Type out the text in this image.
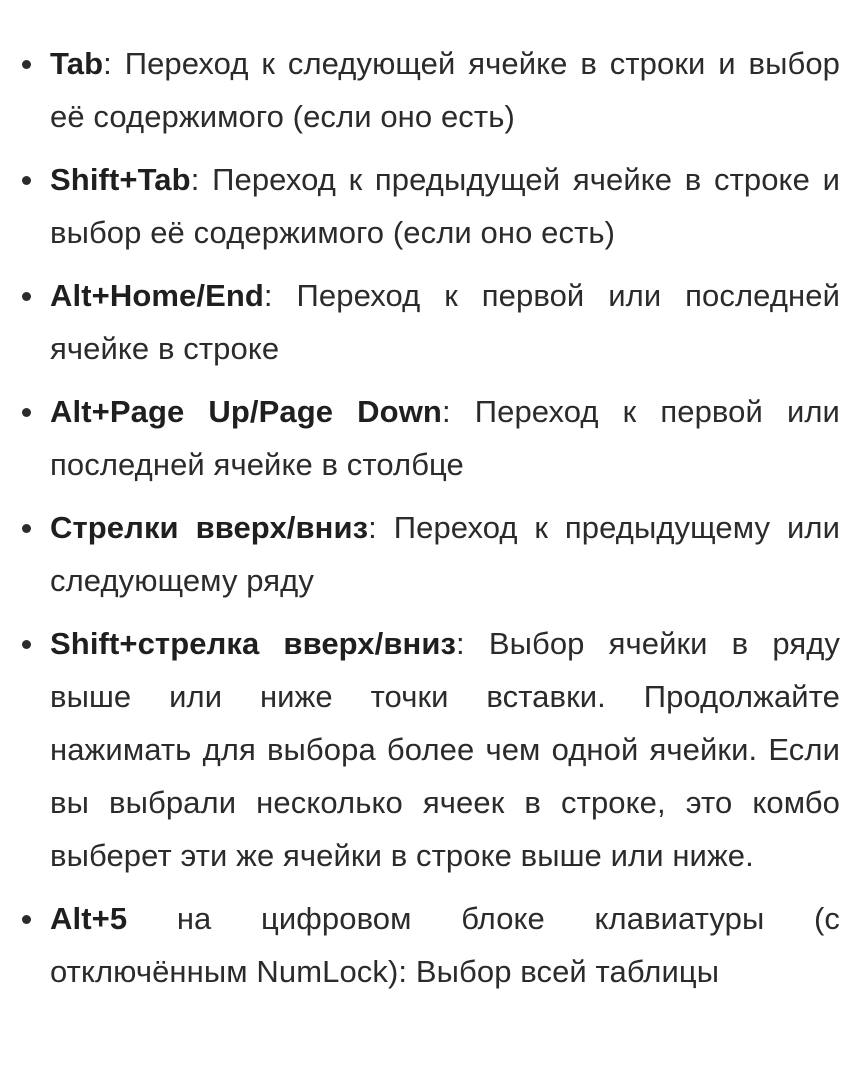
Tab: Переход к следующей ячейке в строки и выбор её содержимого (если оно есть)
Shift+Tab: Переход к предыдущей ячейке в строке и выбор её содержимого (если оно есть)
Alt+Home/End: Переход к первой или последней ячейке в строке
Alt+Page Up/Page Down: Переход к первой или последней ячейке в столбце
Стрелки вверх/вниз: Переход к предыдущему или следующему ряду
Shift+стрелка вверх/вниз: Выбор ячейки в ряду выше или ниже точки вставки. Продолжайте нажимать для выбора более чем одной ячейки. Если вы выбрали несколько ячеек в строке, это комбо выберет эти же ячейки в строке выше или ниже.
Alt+5 на цифровом блоке клавиатуры (с отключённым NumLock): Выбор всей таблицы
